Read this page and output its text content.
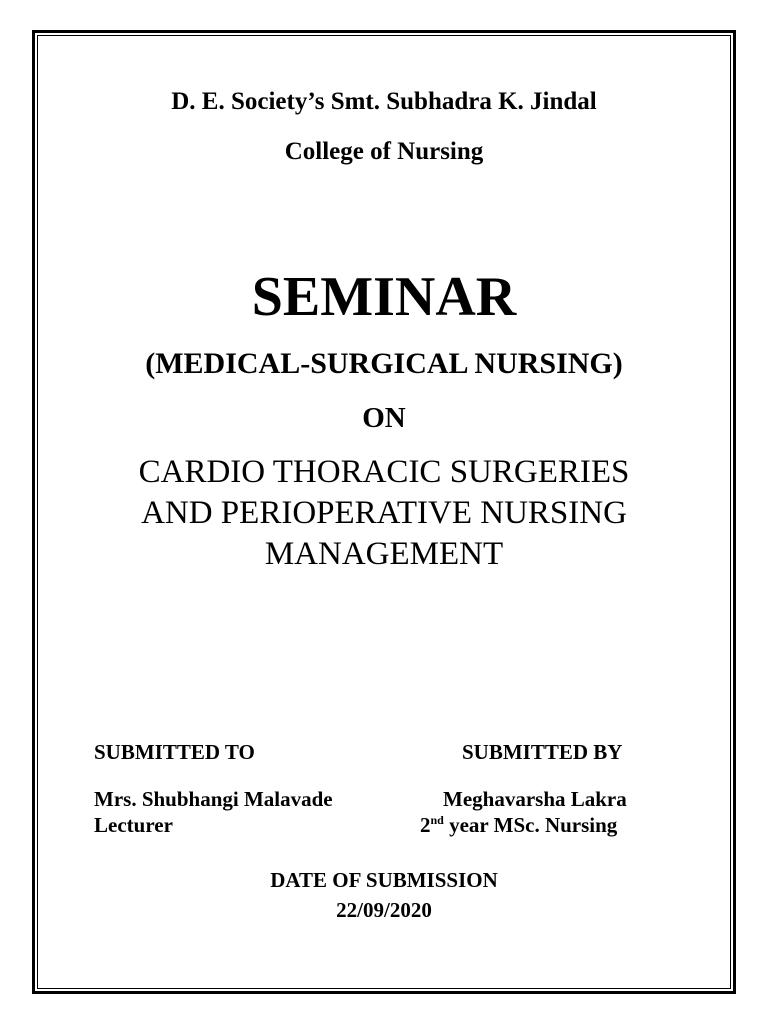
D. E. Society’s Smt. Subhadra K. Jindal
College of Nursing
SEMINAR
(MEDICAL-SURGICAL NURSING)
ON
CARDIO THORACIC SURGERIES
AND PERIOPERATIVE NURSING
MANAGEMENT
SUBMITTED TO	SUBMITTED BY
Mrs. Shubhangi Malavade
Lecturer
Meghavarsha Lakra
2nd year MSc. Nursing
DATE OF SUBMISSION
22/09/2020
